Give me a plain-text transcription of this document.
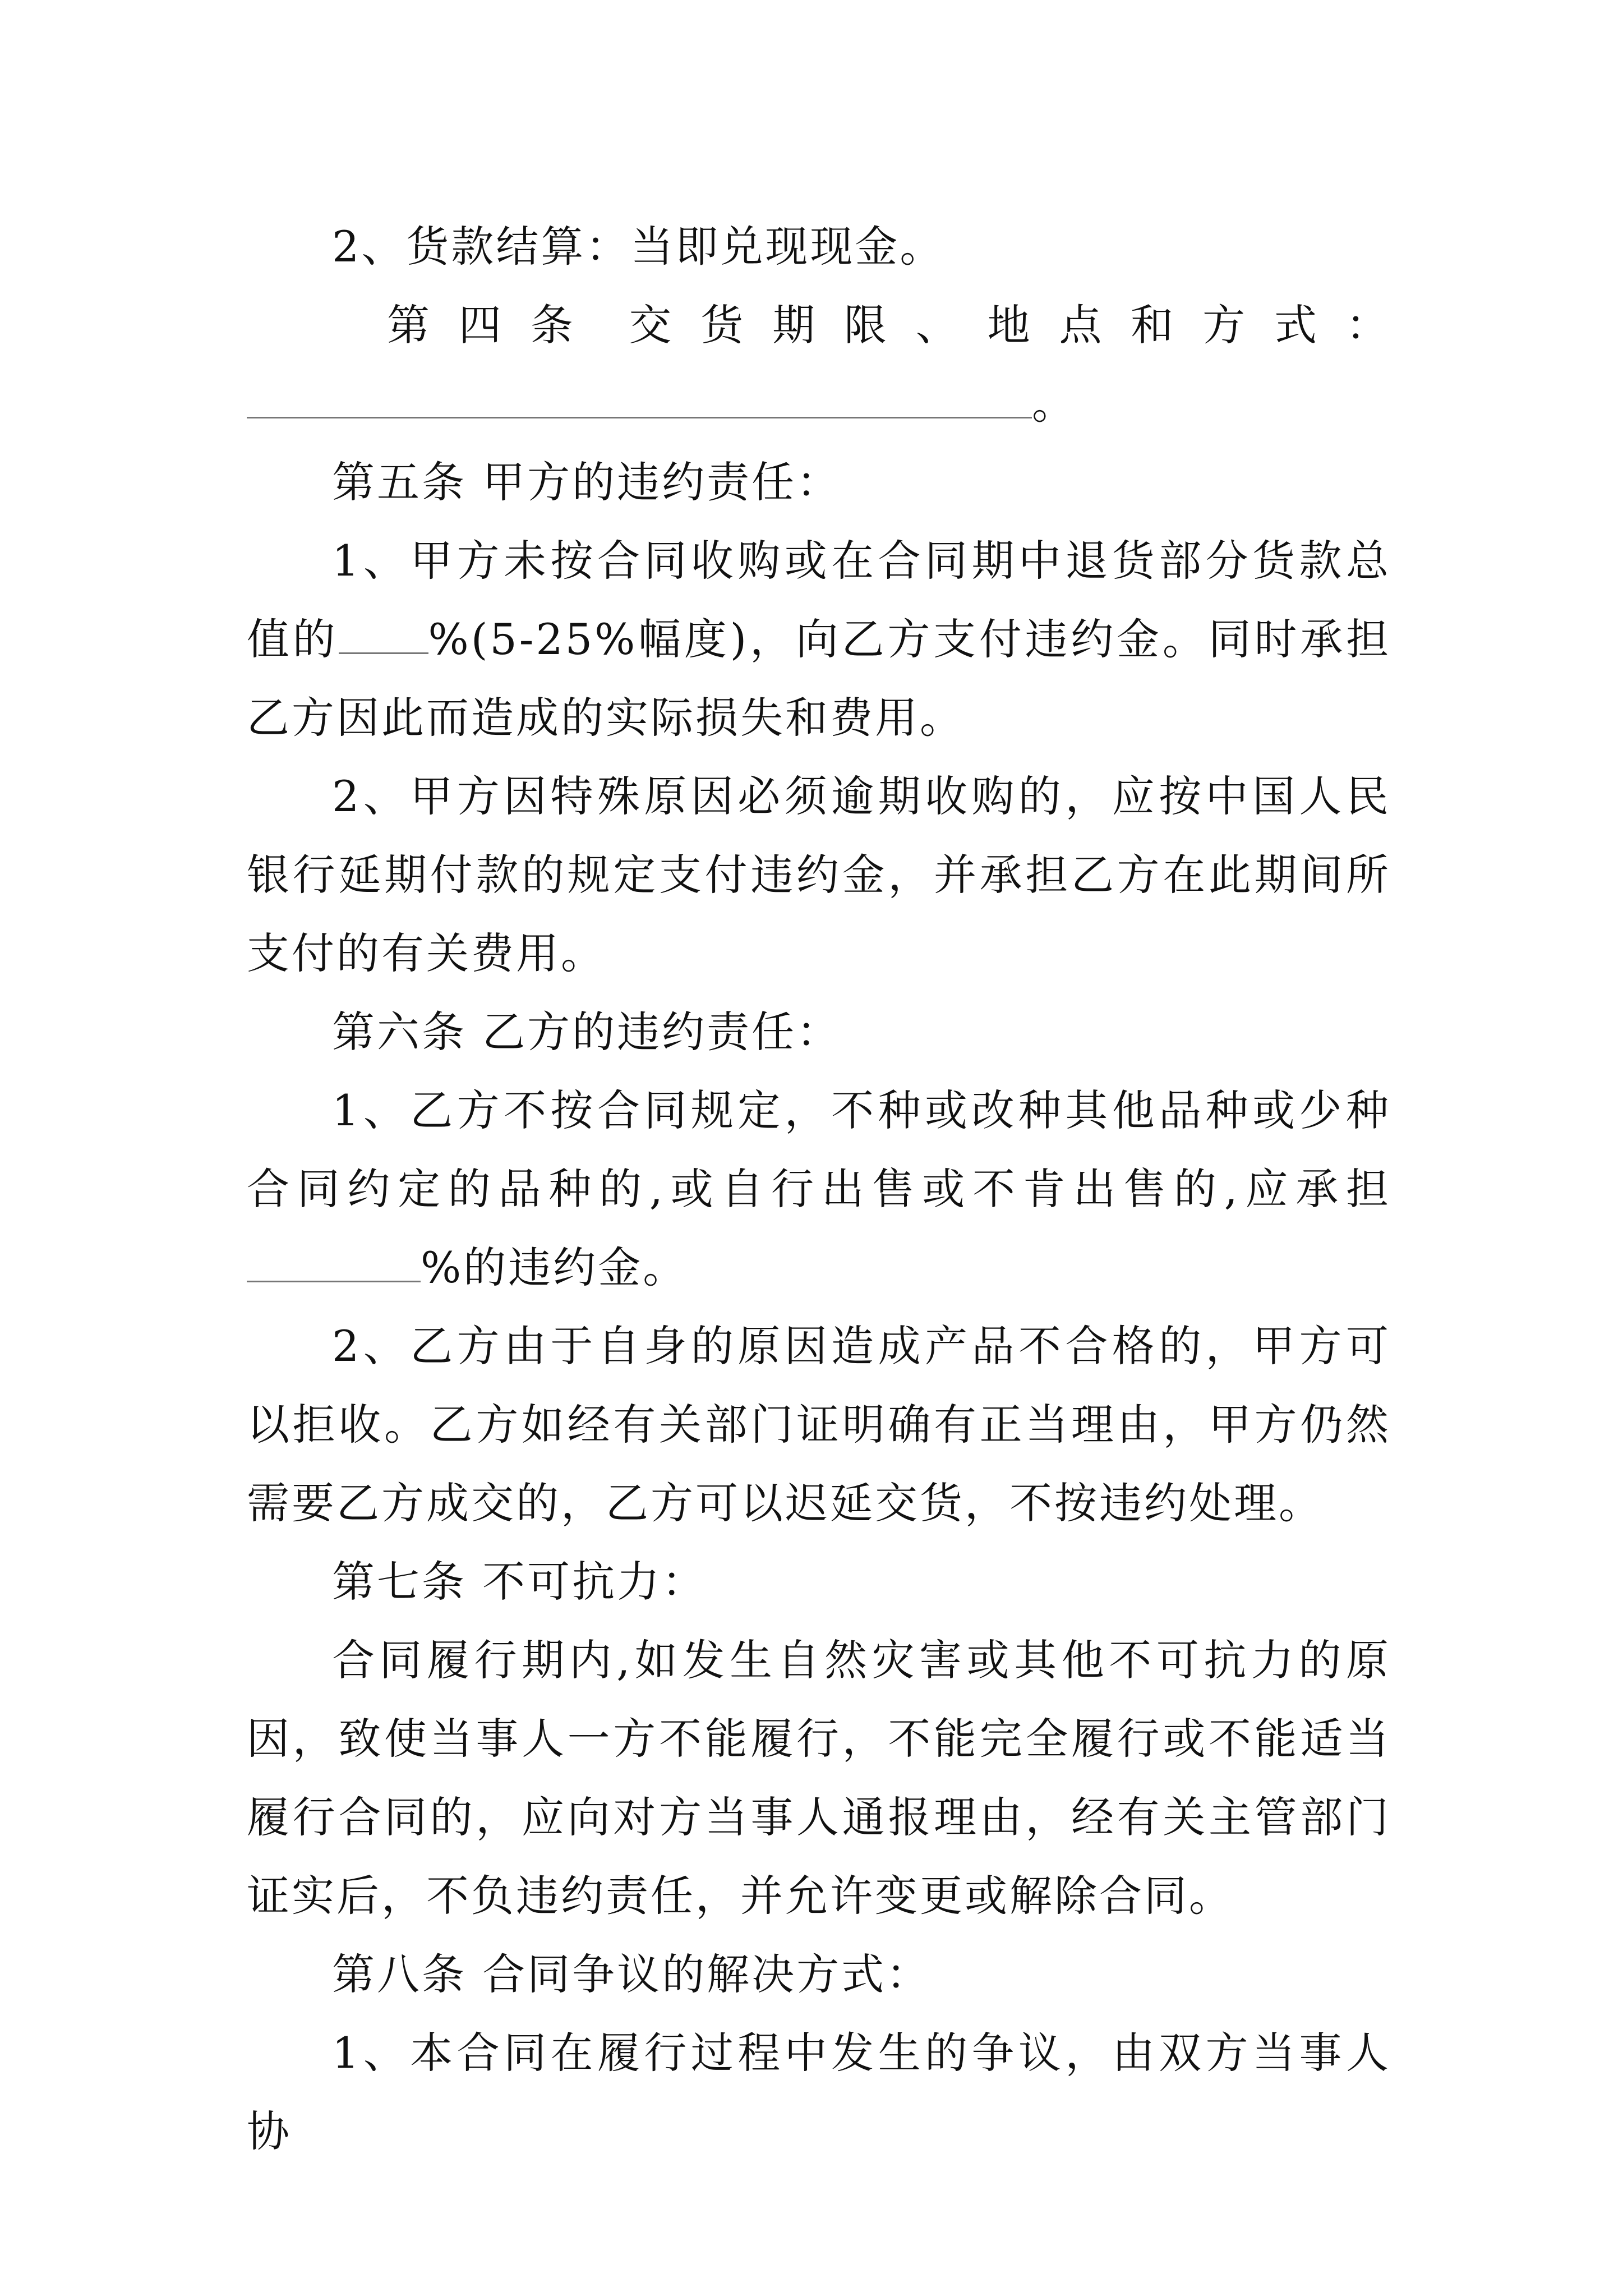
2、货款结算：当即兑现现金。

第 四 条 交 货 期 限 、 地 点 和 方 式 ：

。

第五条 甲方的违约责任：

1、甲方未按合同收购或在合同期中退货部分货款总值的 %(5-25%幅度)，向乙方支付违约金。同时承担乙方因此而造成的实际损失和费用。

2、甲方因特殊原因必须逾期收购的，应按中国人民银行延期付款的规定支付违约金，并承担乙方在此期间所支付的有关费用。

第六条 乙方的违约责任：

1、乙方不按合同规定，不种或改种其他品种或少种合同约定的品种的,或自行出售或不肯出售的,应承担%的违约金。

2、乙方由于自身的原因造成产品不合格的，甲方可以拒收。乙方如经有关部门证明确有正当理由，甲方仍然需要乙方成交的，乙方可以迟延交货，不按违约处理。

第七条 不可抗力：

合同履行期内,如发生自然灾害或其他不可抗力的原因，致使当事人一方不能履行，不能完全履行或不能适当履行合同的，应向对方当事人通报理由，经有关主管部门证实后，不负违约责任，并允许变更或解除合同。

第八条 合同争议的解决方式：

1、本合同在履行过程中发生的争议，由双方当事人协
